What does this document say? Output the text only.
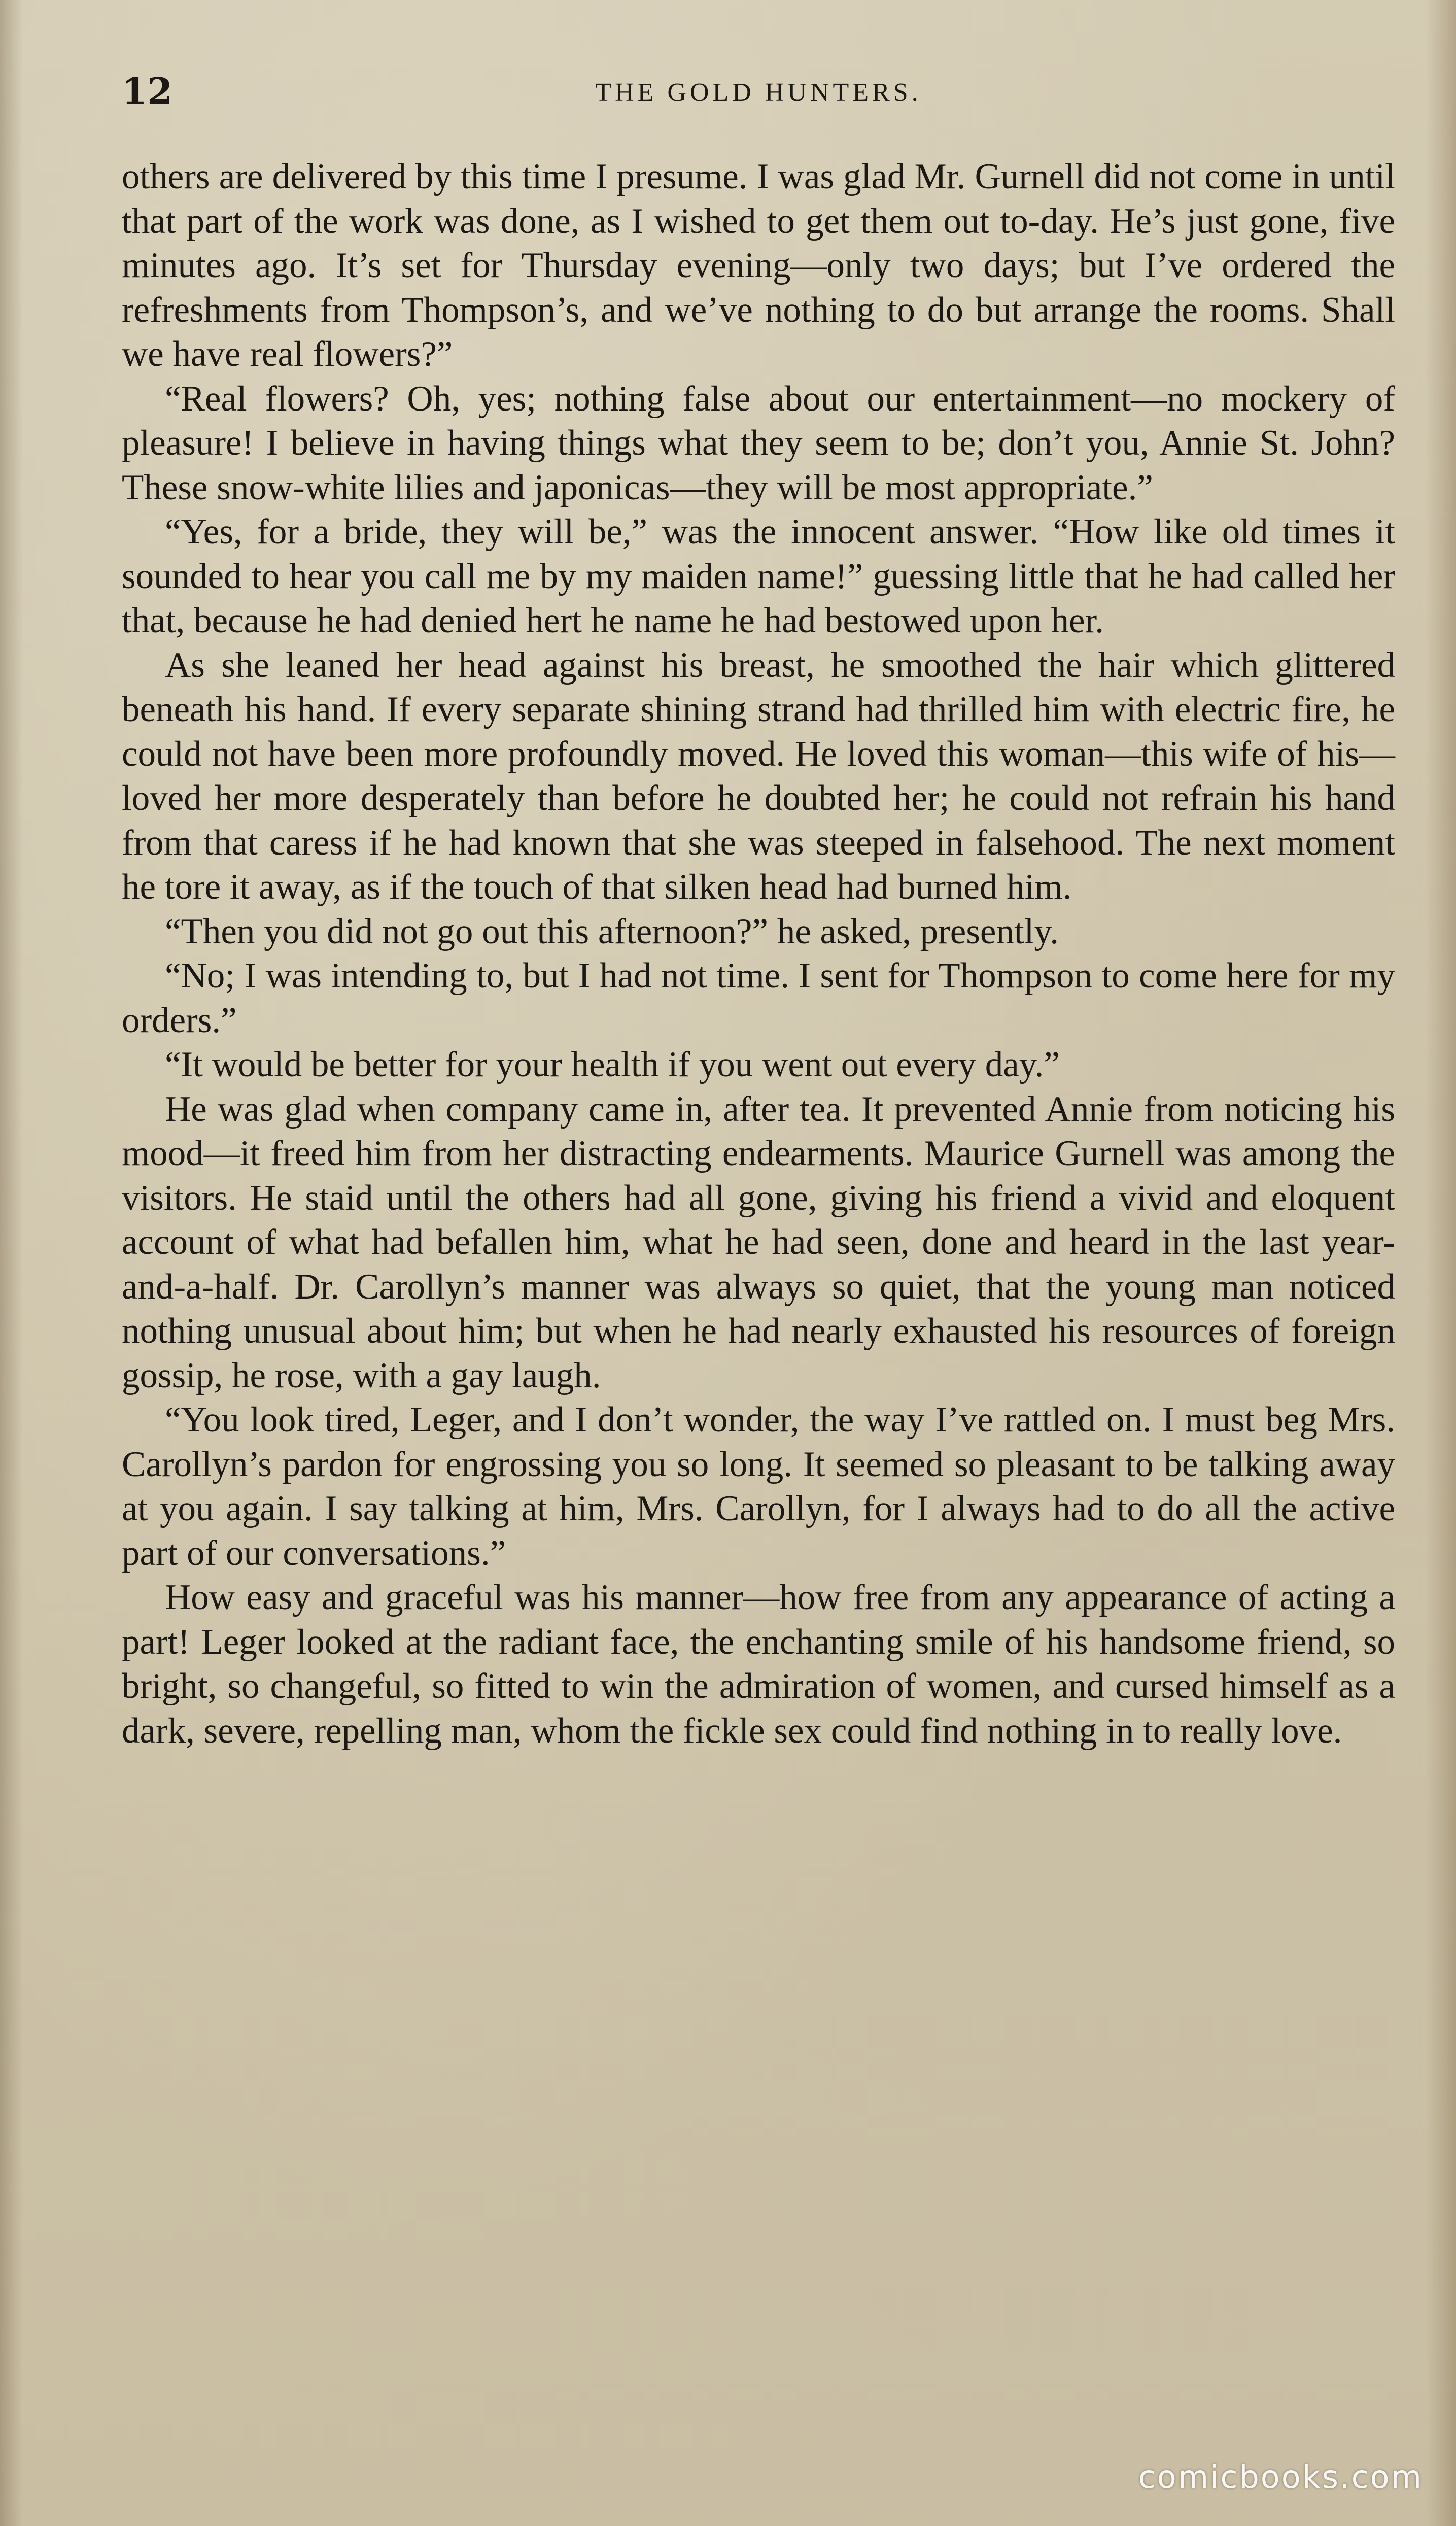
12	THE GOLD HUNTERS.

others are delivered by this time I presume. I was glad Mr. Gurnell did not come in until that part of the work was done, as I wished to get them out to-day. He’s just gone, five minutes ago. It’s set for Thursday evening—only two days; but I’ve ordered the refreshments from Thompson’s, and we’ve nothing to do but arrange the rooms. Shall we have real flowers?”

“Real flowers? Oh, yes; nothing false about our entertainment—no mockery of pleasure! I believe in having things what they seem to be; don’t you, Annie St. John? These snow-white lilies and japonicas—they will be most appropriate.”

“Yes, for a bride, they will be,” was the innocent answer. “How like old times it sounded to hear you call me by my maiden name!” guessing little that he had called her that, because he had denied hert he name he had bestowed upon her.

As she leaned her head against his breast, he smoothed the hair which glittered beneath his hand. If every separate shining strand had thrilled him with electric fire, he could not have been more profoundly moved. He loved this woman—this wife of his—loved her more desperately than before he doubted her; he could not refrain his hand from that caress if he had known that she was steeped in falsehood. The next moment he tore it away, as if the touch of that silken head had burned him.

“Then you did not go out this afternoon?” he asked, presently.

“No; I was intending to, but I had not time. I sent for Thompson to come here for my orders.”

“It would be better for your health if you went out every day.”

He was glad when company came in, after tea. It prevented Annie from noticing his mood—it freed him from her distracting endearments. Maurice Gurnell was among the visitors. He staid until the others had all gone, giving his friend a vivid and eloquent account of what had befallen him, what he had seen, done and heard in the last year-and-a-half. Dr. Carollyn’s manner was always so quiet, that the young man noticed nothing unusual about him; but when he had nearly exhausted his resources of foreign gossip, he rose, with a gay laugh.

“You look tired, Leger, and I don’t wonder, the way I’ve rattled on. I must beg Mrs. Carollyn’s pardon for engrossing you so long. It seemed so pleasant to be talking away at you again. I say talking at him, Mrs. Carollyn, for I always had to do all the active part of our conversations.”

How easy and graceful was his manner—how free from any appearance of acting a part! Leger looked at the radiant face, the enchanting smile of his handsome friend, so bright, so changeful, so fitted to win the admiration of women, and cursed himself as a dark, severe, repelling man, whom the fickle sex could find nothing in to really love.

comicbooks.com
